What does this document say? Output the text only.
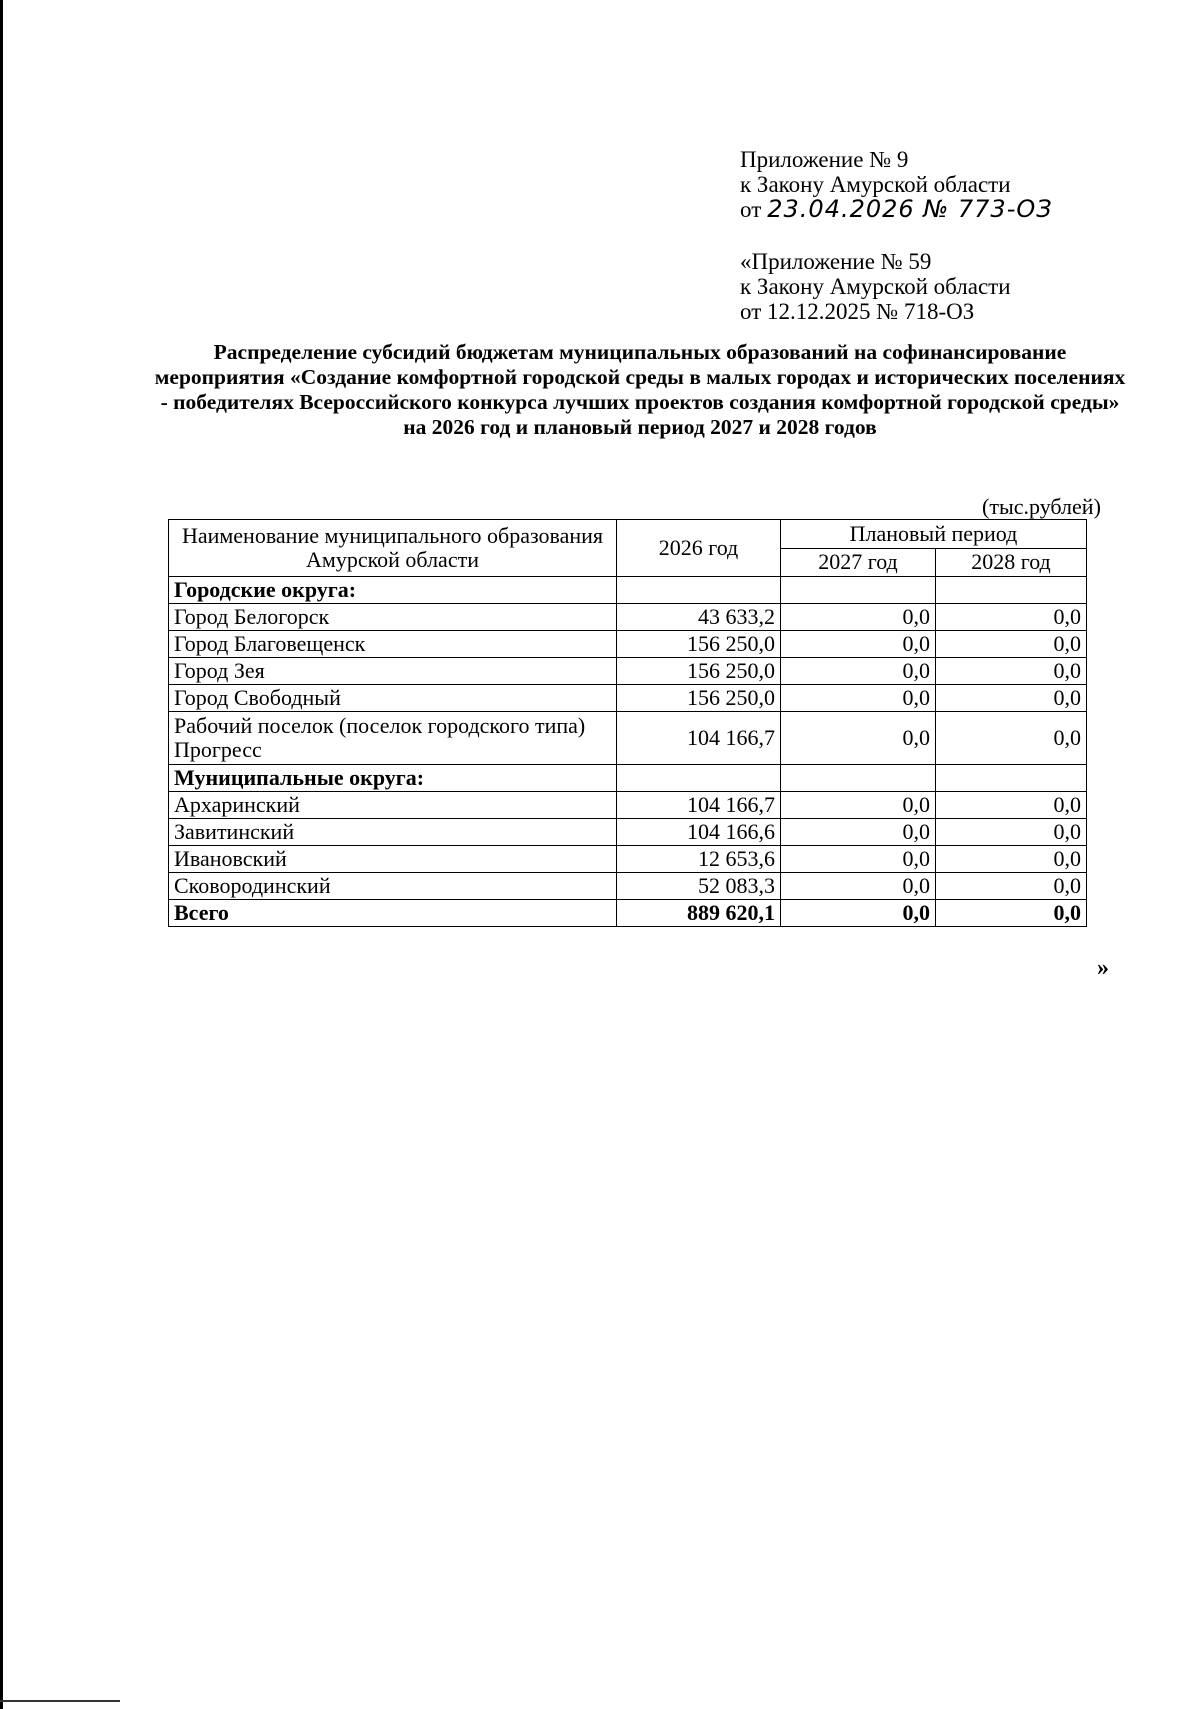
Приложение № 9
к Закону Амурской области
от 23.04.2026 № 773-ОЗ
«Приложение № 59
к Закону Амурской области
от 12.12.2025 № 718-ОЗ
Распределение субсидий бюджетам муниципальных образований на софинансирование мероприятия «Создание комфортной городской среды в малых городах и исторических поселениях - победителях Всероссийского конкурса лучших проектов создания комфортной городской среды» на 2026 год и плановый период 2027 и 2028 годов
(тыс.рублей)
Наименование муниципального образования Амурской области	2026 год	Плановый период	
		2027 год	2028 год
Городские округа:			
Город Белогорск	43 633,2	0,0	0,0
Город Благовещенск	156 250,0	0,0	0,0
Город Зея	156 250,0	0,0	0,0
Город Свободный	156 250,0	0,0	0,0
Рабочий поселок (поселок городского типа) Прогресс	104 166,7	0,0	0,0
Муниципальные округа:			
Архаринский	104 166,7	0,0	0,0
Завитинский	104 166,6	0,0	0,0
Ивановский	12 653,6	0,0	0,0
Сковородинский	52 083,3	0,0	0,0
Всего	889 620,1	0,0	0,0
»
